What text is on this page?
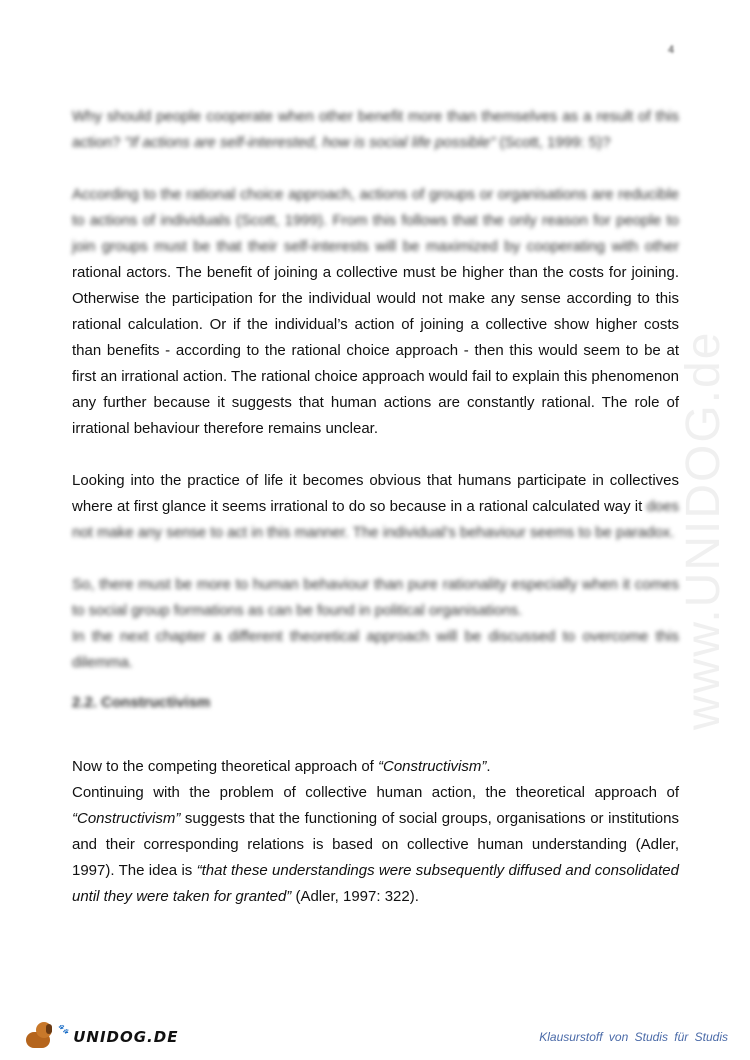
4
www.UNIDOG.de

Why should people cooperate when other benefit more than themselves as a result of this action? "If actions are self-interested, how is social life possible" (Scott, 1999: 5)?

According to the rational choice approach, actions of groups or organisations are reducible to actions of individuals (Scott, 1999). From this follows that the only reason for people to join groups must be that their self-interests will be maximized by cooperating with other rational actors. The benefit of joining a collective must be higher than the costs for joining. Otherwise the participation for the individual would not make any sense according to this rational calculation. Or if the individual’s action of joining a collective show higher costs than benefits - according to the rational choice approach - then this would seem to be at first an irrational action. The rational choice approach would fail to explain this phenomenon any further because it suggests that human actions are constantly rational. The role of irrational behaviour therefore remains unclear.

Looking into the practice of life it becomes obvious that humans participate in collectives where at first glance it seems irrational to do so because in a rational calculated way it does not make any sense to act in this manner. The individual’s behaviour seems to be paradox.

So, there must be more to human behaviour than pure rationality especially when it comes to social group formations as can be found in political organisations.

In the next chapter a different theoretical approach will be discussed to overcome this dilemma.

2.2. Constructivism

Now to the competing theoretical approach of “Constructivism”.

Continuing with the problem of collective human action, the theoretical approach of “Constructivism” suggests that the functioning of social groups, organisations or institutions and their corresponding relations is based on collective human understanding (Adler, 1997). The idea is “that these understandings were subsequently diffused and consolidated until they were taken for granted” (Adler, 1997: 322).

🐾 UNIDOG.DE	Klausurstoff von Studis für Studis
